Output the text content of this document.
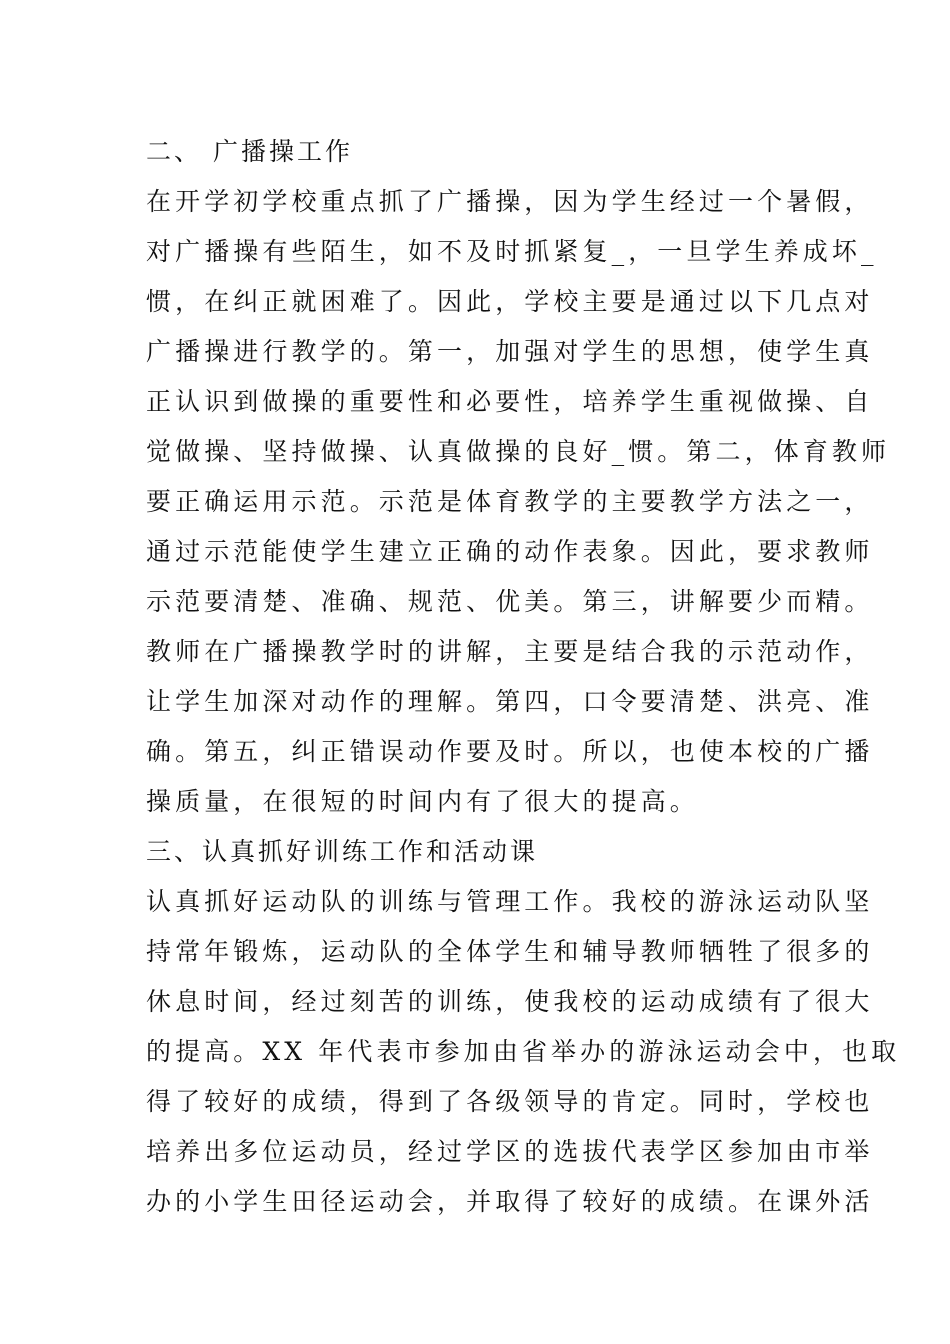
二、 广播操工作
在开学初学校重点抓了广播操，因为学生经过一个暑假，
对广播操有些陌生，如不及时抓紧复_，一旦学生养成坏_
惯，在纠正就困难了。因此，学校主要是通过以下几点对
广播操进行教学的。第一，加强对学生的思想，使学生真
正认识到做操的重要性和必要性，培养学生重视做操、自
觉做操、坚持做操、认真做操的良好_惯。第二，体育教师
要正确运用示范。示范是体育教学的主要教学方法之一，
通过示范能使学生建立正确的动作表象。因此，要求教师
示范要清楚、准确、规范、优美。第三，讲解要少而精。
教师在广播操教学时的讲解，主要是结合我的示范动作，
让学生加深对动作的理解。第四，口令要清楚、洪亮、准
确。第五，纠正错误动作要及时。所以，也使本校的广播
操质量，在很短的时间内有了很大的提高。
三、认真抓好训练工作和活动课
认真抓好运动队的训练与管理工作。我校的游泳运动队坚
持常年锻炼，运动队的全体学生和辅导教师牺牲了很多的
休息时间，经过刻苦的训练，使我校的运动成绩有了很大
的提高。XX 年代表市参加由省举办的游泳运动会中，也取
得了较好的成绩，得到了各级领导的肯定。同时，学校也
培养出多位运动员，经过学区的选拔代表学区参加由市举
办的小学生田径运动会，并取得了较好的成绩。在课外活
